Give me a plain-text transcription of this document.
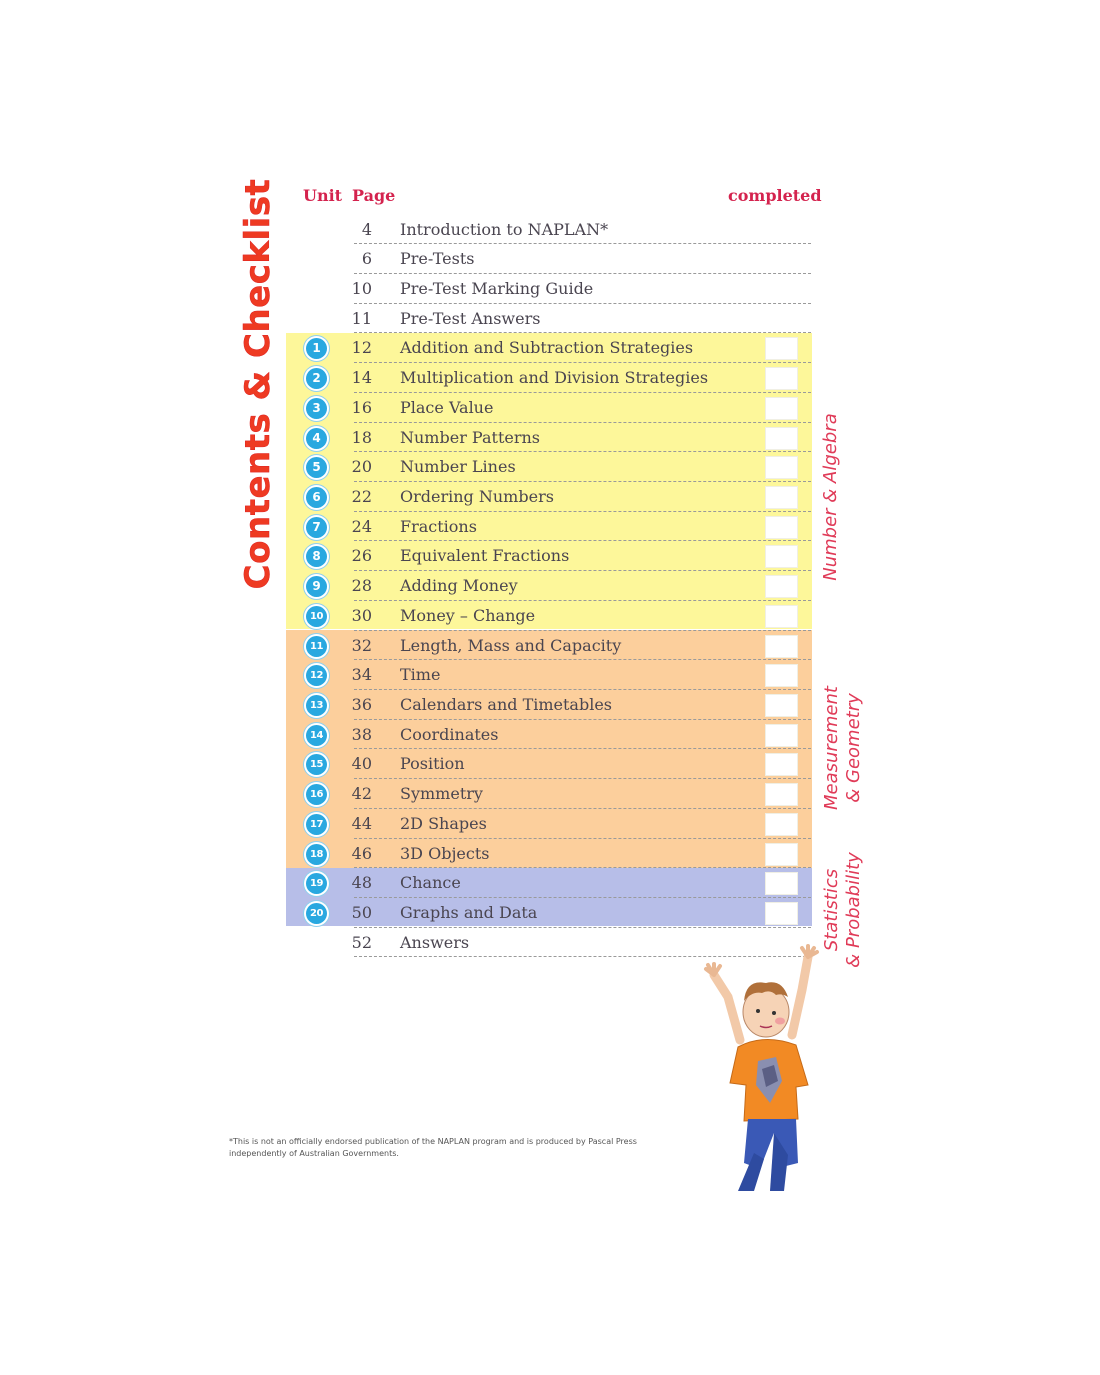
Contents & Checklist Unit Page	completed
4 Introduction to NAPLAN*
6 Pre-Tests
10 Pre-Test Marking Guide
11 Pre-Test Answers
1	12 Addition and Subtraction Strategies
2	14 Multiplication and Division Strategies
3	16 Place Value
4	18 Number Patterns
5	20 Number Lines
6	22 Ordering Numbers
7	24 Fractions
8	26 Equivalent Fractions
9	28 Adding Money
10	30 Money – Change
11	32 Length, Mass and Capacity
12	34 Time
13	36 Calendars and Timetables
14	38 Coordinates
15	40 Position
16	42 Symmetry
17	44 2D Shapes
18	46 3D Objects
19	48 Chance
20	50 Graphs and Data
52 Answers
Number & Algebra
Measurement & Geometry
Statistics & Probability
*This is not an officially endorsed publication of the NAPLAN program and is produced by Pascal Press
independently of Australian Governments.
